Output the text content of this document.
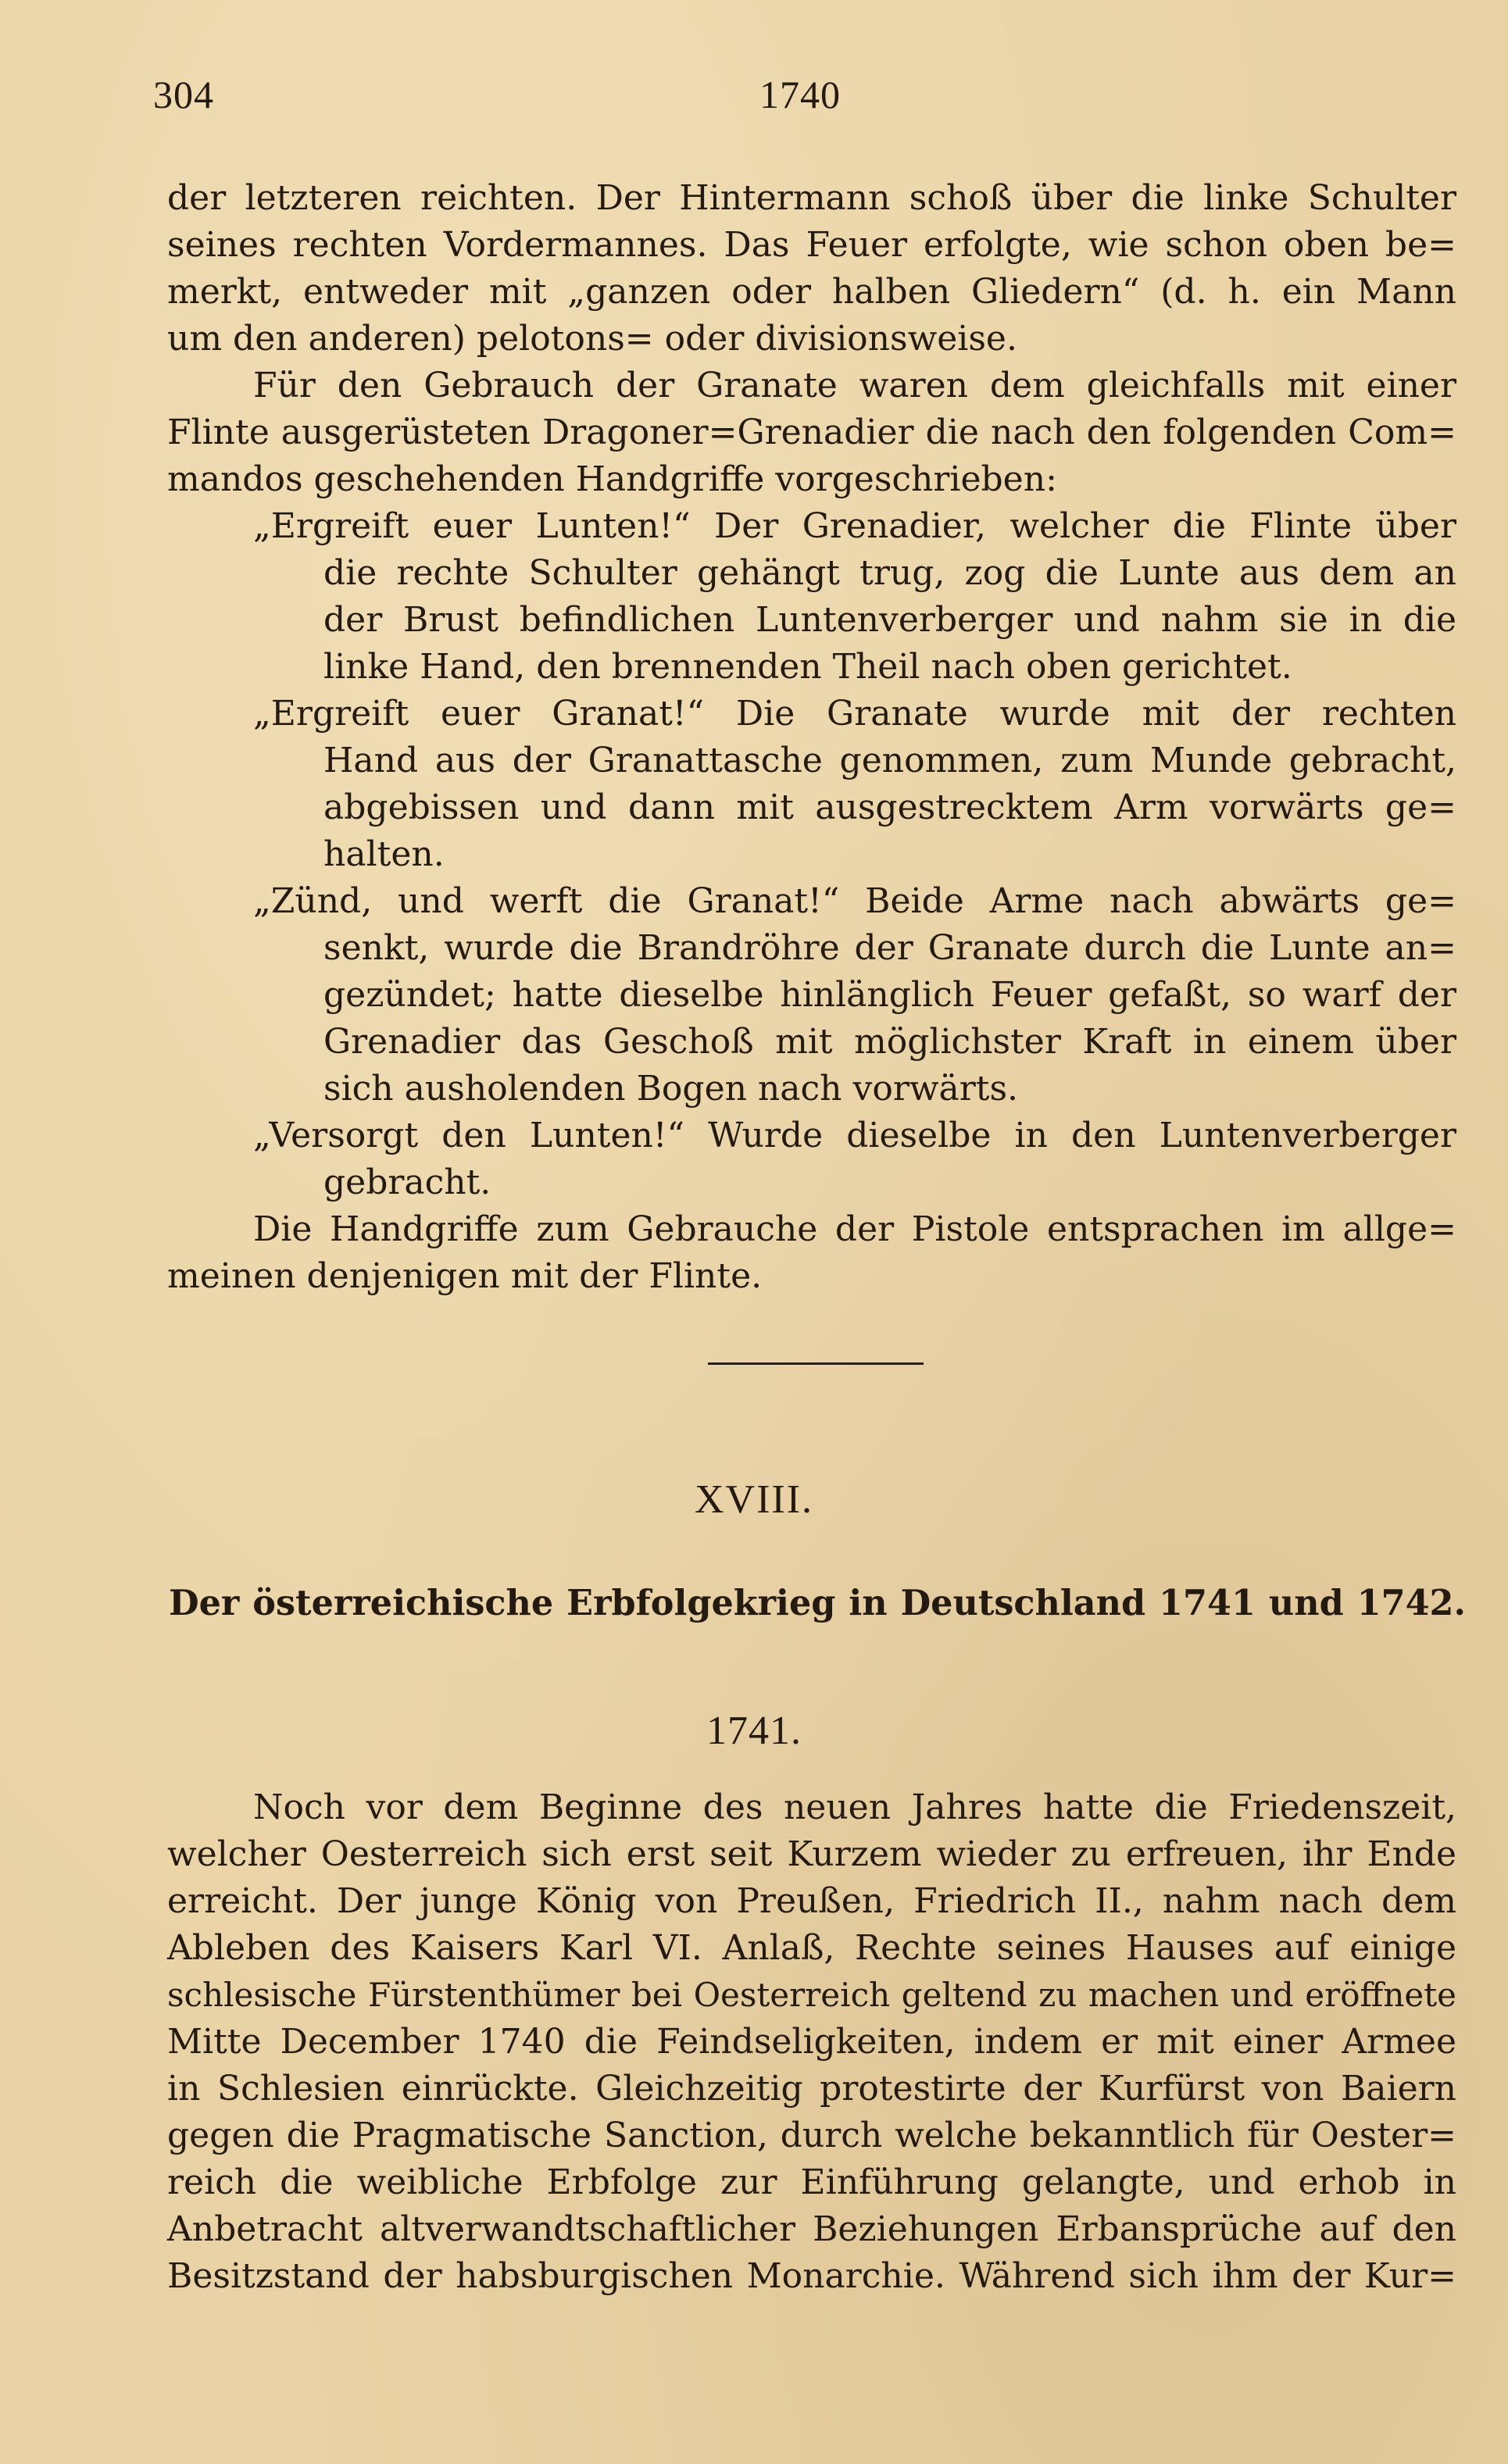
304	1740
der letzteren reichten. Der Hintermann schoß über die linke Schulter
seines rechten Vordermannes. Das Feuer erfolgte, wie schon oben be=
merkt, entweder mit „ganzen oder halben Gliedern“ (d. h. ein Mann
um den anderen) pelotons= oder divisionsweise.
Für den Gebrauch der Granate waren dem gleichfalls mit einer
Flinte ausgerüsteten Dragoner=Grenadier die nach den folgenden Com=
mandos geschehenden Handgriffe vorgeschrieben:
„Ergreift euer Lunten!“ Der Grenadier, welcher die Flinte über
die rechte Schulter gehängt trug, zog die Lunte aus dem an
der Brust befindlichen Luntenverberger und nahm sie in die
linke Hand, den brennenden Theil nach oben gerichtet.
„Ergreift euer Granat!“ Die Granate wurde mit der rechten
Hand aus der Granattasche genommen, zum Munde gebracht,
abgebissen und dann mit ausgestrecktem Arm vorwärts ge=
halten.
„Zünd, und werft die Granat!“ Beide Arme nach abwärts ge=
senkt, wurde die Brandröhre der Granate durch die Lunte an=
gezündet; hatte dieselbe hinlänglich Feuer gefaßt, so warf der
Grenadier das Geschoß mit möglichster Kraft in einem über
sich ausholenden Bogen nach vorwärts.
„Versorgt den Lunten!“ Wurde dieselbe in den Luntenverberger
gebracht.
Die Handgriffe zum Gebrauche der Pistole entsprachen im allge=
meinen denjenigen mit der Flinte.
XVIII.
Der österreichische Erbfolgekrieg in Deutschland 1741 und 1742.
1741.
Noch vor dem Beginne des neuen Jahres hatte die Friedenszeit,
welcher Oesterreich sich erst seit Kurzem wieder zu erfreuen, ihr Ende
erreicht. Der junge König von Preußen, Friedrich II., nahm nach dem
Ableben des Kaisers Karl VI. Anlaß, Rechte seines Hauses auf einige
schlesische Fürstenthümer bei Oesterreich geltend zu machen und eröffnete
Mitte December 1740 die Feindseligkeiten, indem er mit einer Armee
in Schlesien einrückte. Gleichzeitig protestirte der Kurfürst von Baiern
gegen die Pragmatische Sanction, durch welche bekanntlich für Oester=
reich die weibliche Erbfolge zur Einführung gelangte, und erhob in
Anbetracht altverwandtschaftlicher Beziehungen Erbansprüche auf den
Besitzstand der habsburgischen Monarchie. Während sich ihm der Kur=
